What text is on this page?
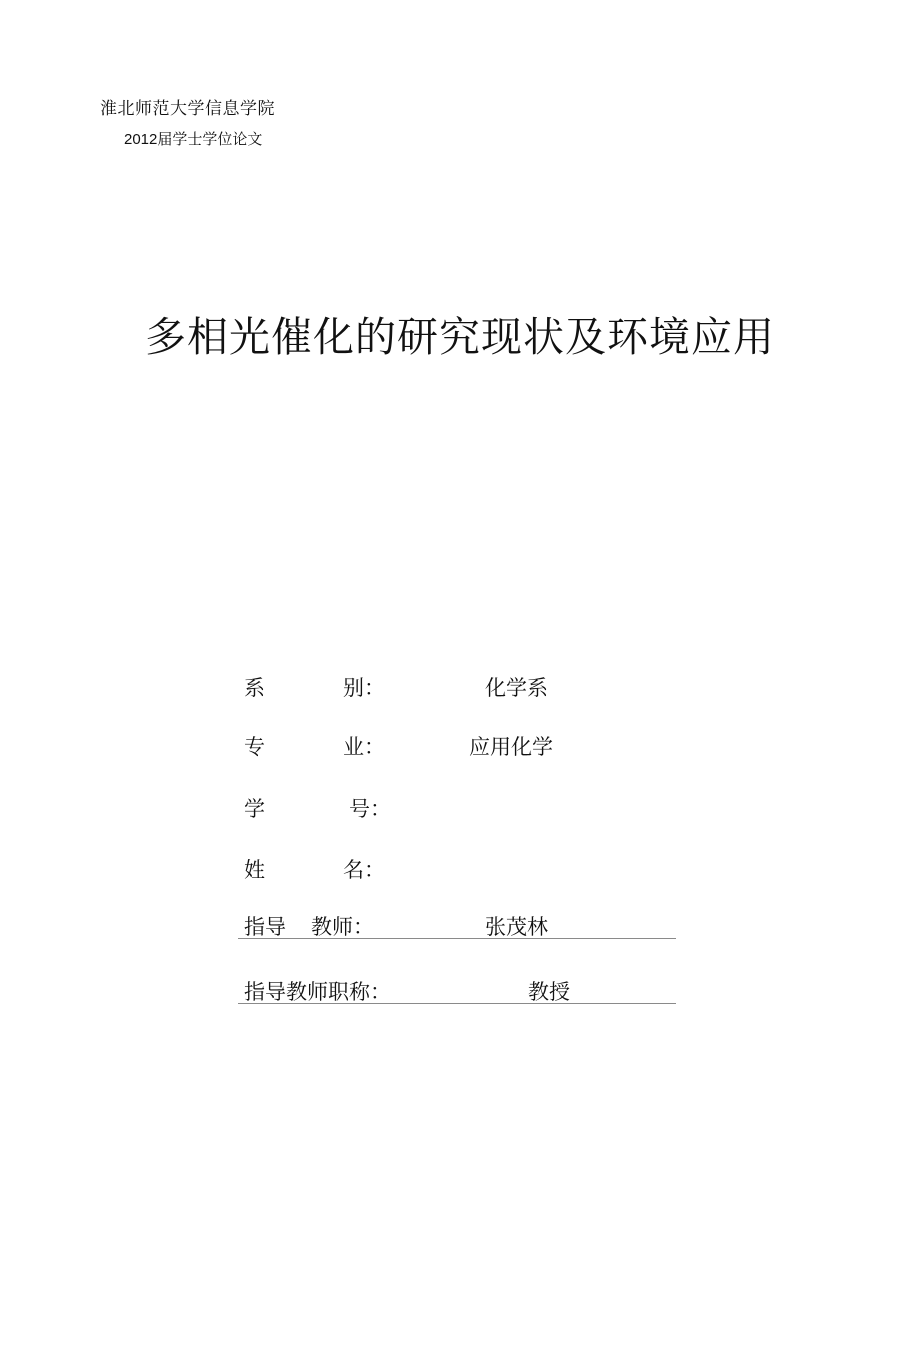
淮北师范大学信息学院
2012届学士学位论文
多相光催化的研究现状及环境应用
系	别：	化学系
专	业：	应用化学
学	号：
姓	名：
指导 教师：	张茂林
指导教师职称：	教授
